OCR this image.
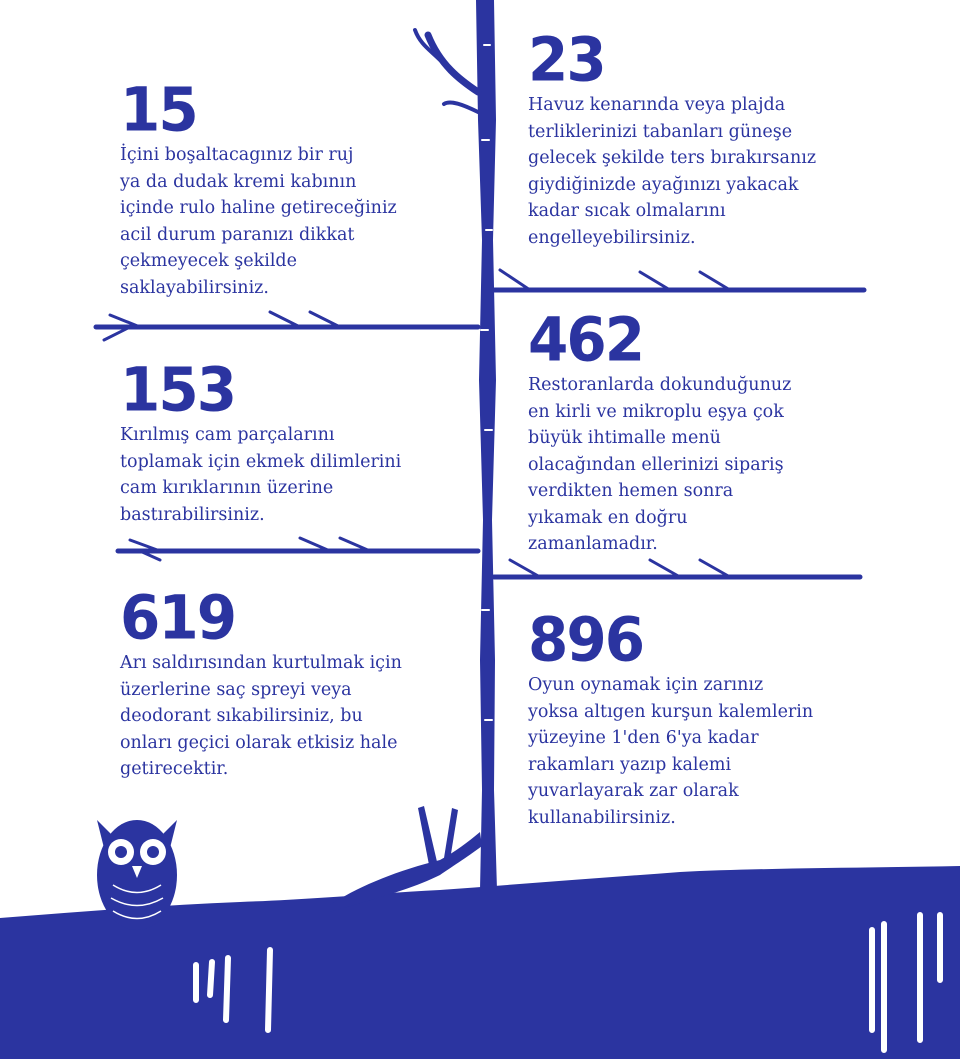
15
İçini boşaltacagınız bir ruj
ya da dudak kremi kabının
içinde rulo haline getireceğiniz
acil durum paranızı dikkat
çekmeyecek şekilde
saklayabilirsiniz.
153
Kırılmış cam parçalarını
toplamak için ekmek dilimlerini
cam kırıklarının üzerine
bastırabilirsiniz.
619
Arı saldırısından kurtulmak için
üzerlerine saç spreyi veya
deodorant sıkabilirsiniz, bu
onları geçici olarak etkisiz hale
getirecektir.
23
Havuz kenarında veya plajda
terliklerinizi tabanları güneşe
gelecek şekilde ters bırakırsanız
giydiğinizde ayağınızı yakacak
kadar sıcak olmalarını
engelleyebilirsiniz.
462
Restoranlarda dokunduğunuz
en kirli ve mikroplu eşya çok
büyük ihtimalle menü
olacağından ellerinizi sipariş
verdikten hemen sonra
yıkamak en doğru
zamanlamadır.
896
Oyun oynamak için zarınız
yoksa altıgen kurşun kalemlerin
yüzeyine 1'den 6'ya kadar
rakamları yazıp kalemi
yuvarlayarak zar olarak
kullanabilirsiniz.
